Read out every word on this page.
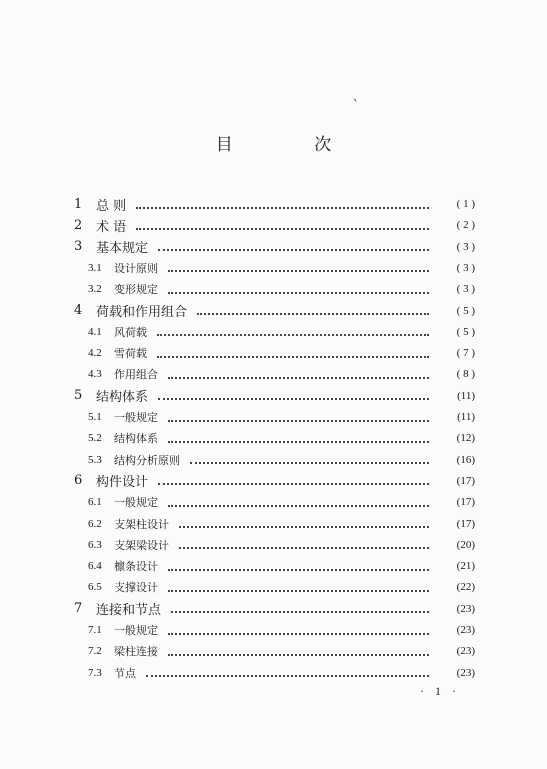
、
目 次
1	总 则	( 1 )
2	术 语	( 2 )
3	基本规定	( 3 )
3.1	设计原则	( 3 )
3.2	变形规定	( 3 )
4	荷载和作用组合	( 5 )
4.1	风荷载	( 5 )
4.2	雪荷载	( 7 )
4.3	作用组合	( 8 )
5	结构体系	(11)
5.1	一般规定	(11)
5.2	结构体系	(12)
5.3	结构分析原则	(16)
6	构件设计	(17)
6.1	一般规定	(17)
6.2	支架柱设计	(17)
6.3	支架梁设计	(20)
6.4	檩条设计	(21)
6.5	支撑设计	(22)
7	连接和节点	(23)
7.1	一般规定	(23)
7.2	梁柱连接	(23)
7.3	节点	(23)
· 1 ·
